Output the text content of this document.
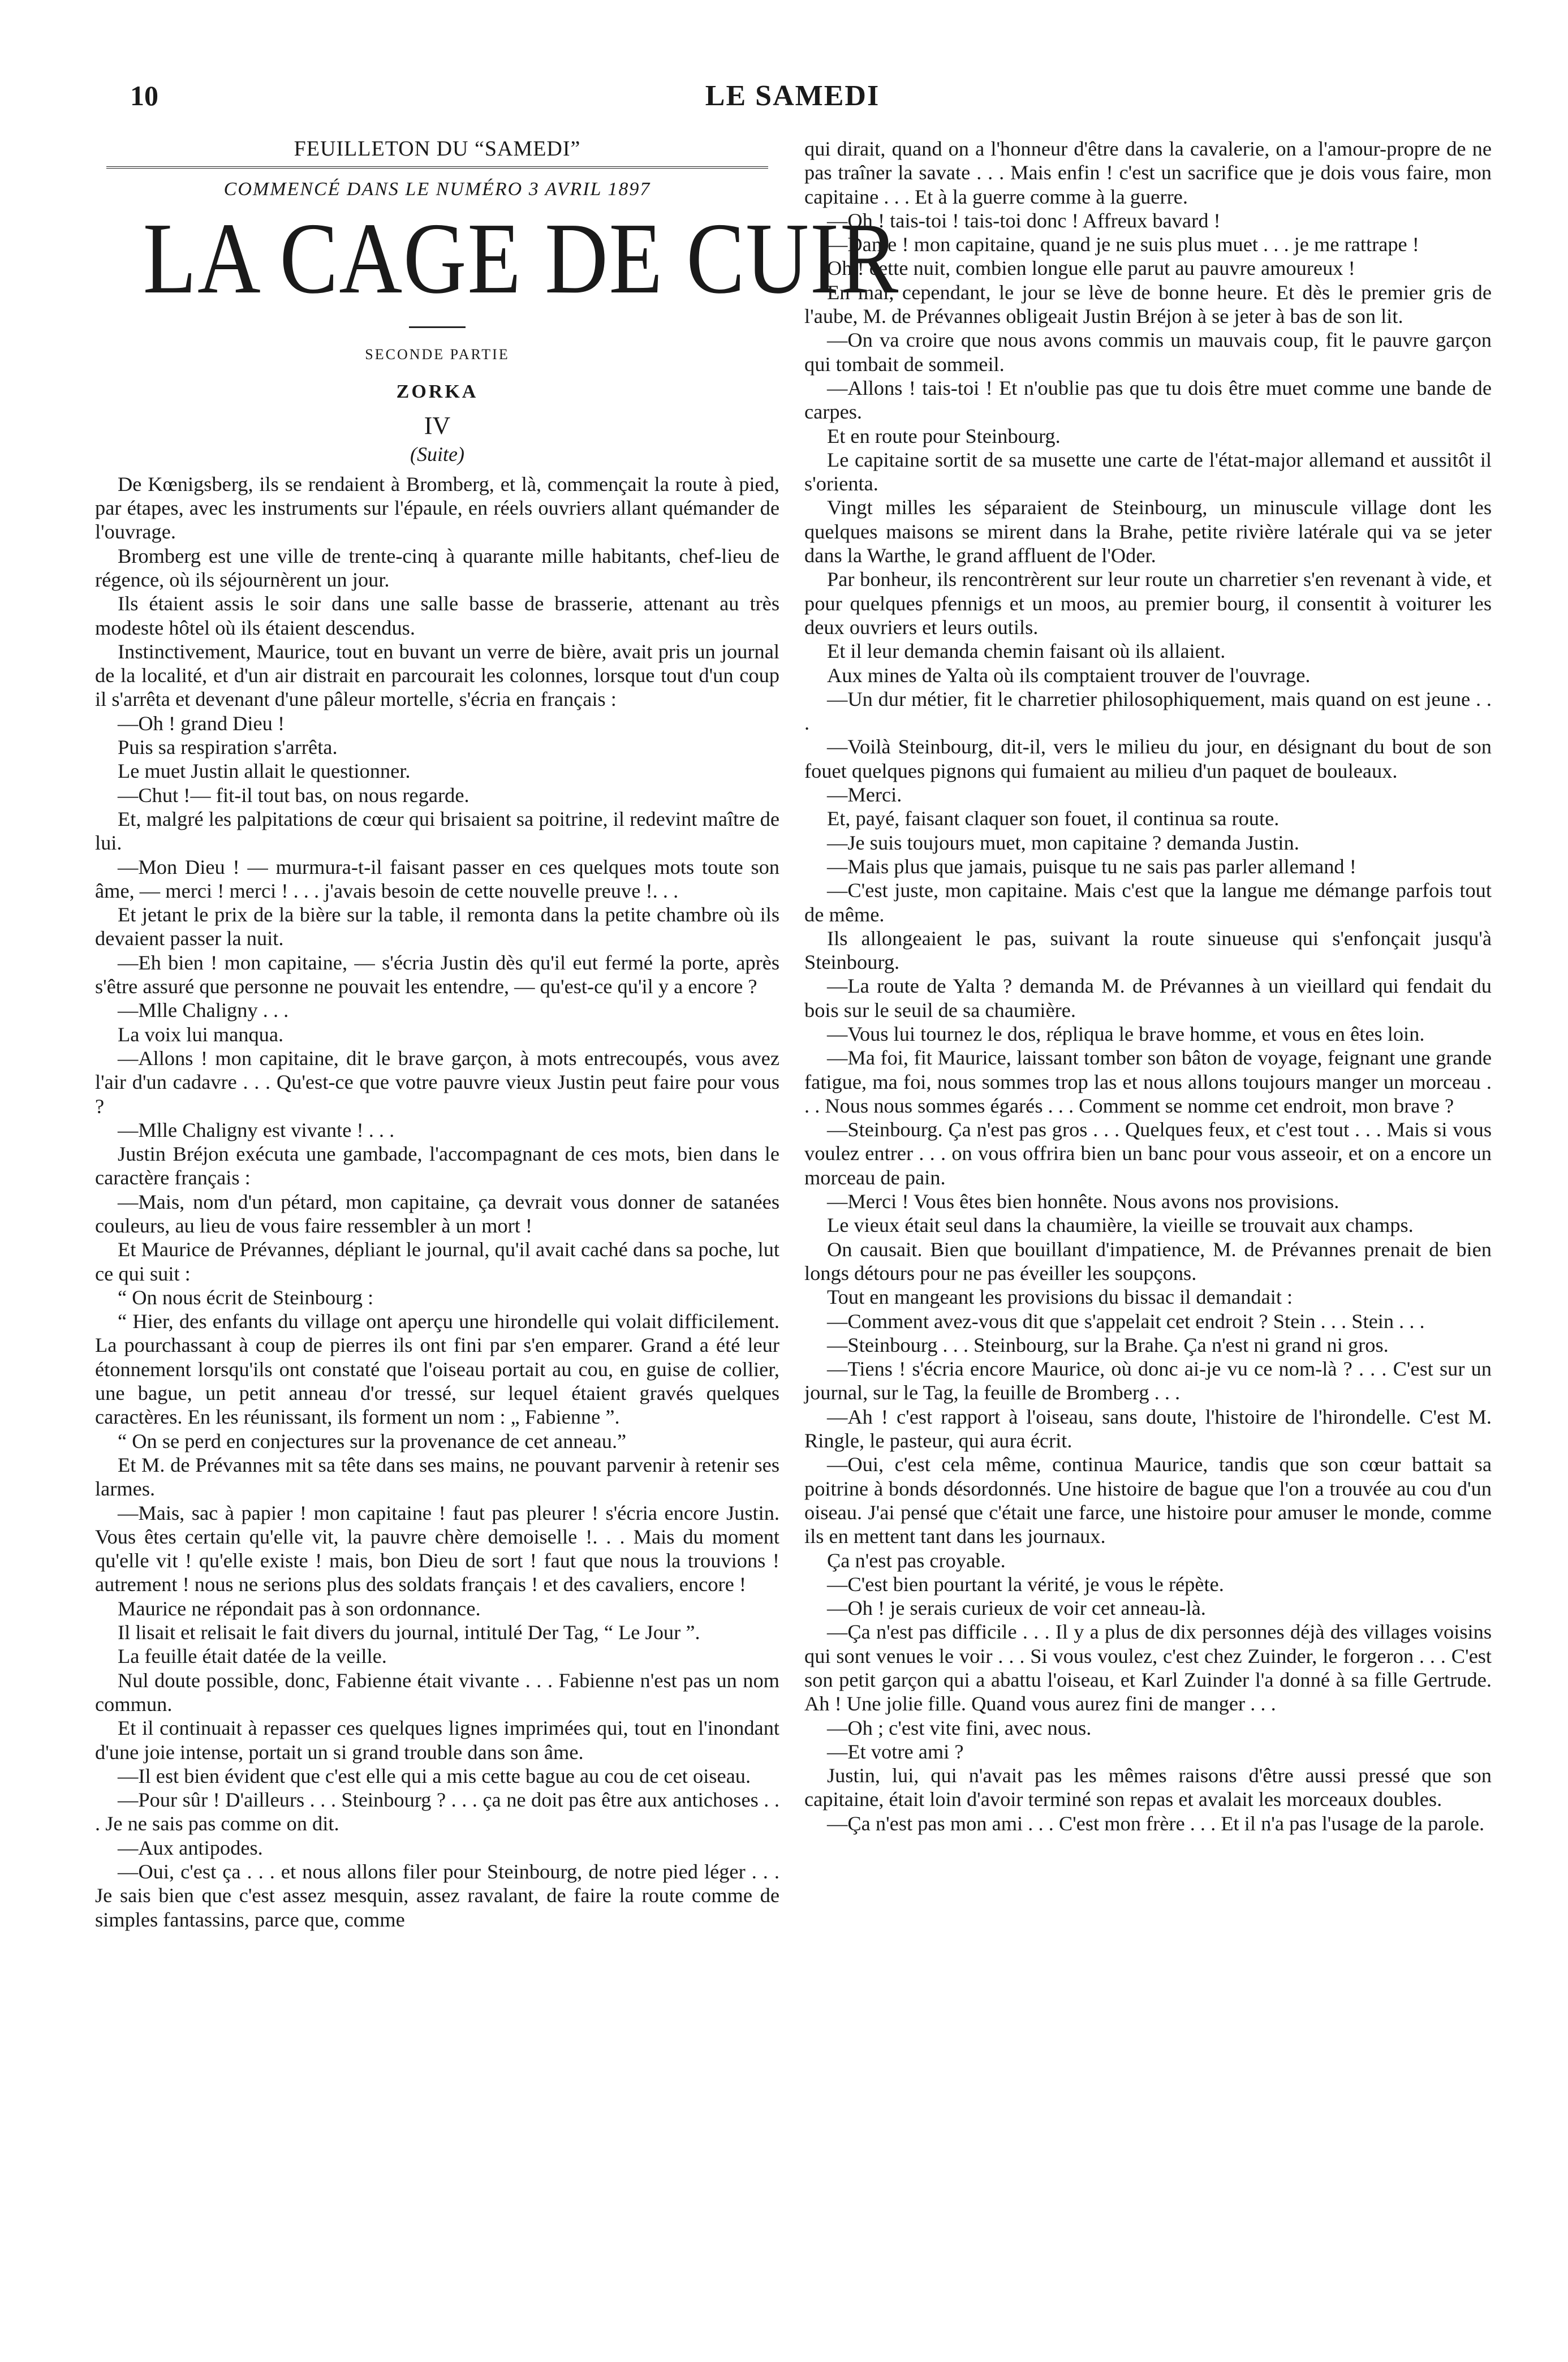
10	LE SAMEDI
FEUILLETON DU “SAMEDI”
COMMENCÉ DANS LE NUMÉRO 3 AVRIL 1897
LA CAGE DE CUIR
SECONDE PARTIE
ZORKA
IV
(Suite)

De Kœnigsberg, ils se rendaient à Bromberg, et là, commençait la route à pied, par étapes, avec les instruments sur l'épaule, en réels ouvriers allant quémander de l'ouvrage.

Bromberg est une ville de trente-cinq à quarante mille habitants, chef-lieu de régence, où ils séjournèrent un jour.

Ils étaient assis le soir dans une salle basse de brasserie, attenant au très modeste hôtel où ils étaient descendus.

Instinctivement, Maurice, tout en buvant un verre de bière, avait pris un journal de la localité, et d'un air distrait en parcourait les colonnes, lorsque tout d'un coup il s'arrêta et devenant d'une pâleur mortelle, s'écria en français :

—Oh ! grand Dieu !

Puis sa respiration s'arrêta.

Le muet Justin allait le questionner.

—Chut !— fit-il tout bas, on nous regarde.

Et, malgré les palpitations de cœur qui brisaient sa poitrine, il redevint maître de lui.

—Mon Dieu ! — murmura-t-il faisant passer en ces quelques mots toute son âme, — merci ! merci ! . . . j'avais besoin de cette nouvelle preuve !. . .

Et jetant le prix de la bière sur la table, il remonta dans la petite chambre où ils devaient passer la nuit.

—Eh bien ! mon capitaine, — s'écria Justin dès qu'il eut fermé la porte, après s'être assuré que personne ne pouvait les entendre, — qu'est-ce qu'il y a encore ?

—Mlle Chaligny . . .

La voix lui manqua.

—Allons ! mon capitaine, dit le brave garçon, à mots entrecoupés, vous avez l'air d'un cadavre . . . Qu'est-ce que votre pauvre vieux Justin peut faire pour vous ?

—Mlle Chaligny est vivante ! . . .

Justin Bréjon exécuta une gambade, l'accompagnant de ces mots, bien dans le caractère français :

—Mais, nom d'un pétard, mon capitaine, ça devrait vous donner de satanées couleurs, au lieu de vous faire ressembler à un mort !

Et Maurice de Prévannes, dépliant le journal, qu'il avait caché dans sa poche, lut ce qui suit :

“ On nous écrit de Steinbourg :

“ Hier, des enfants du village ont aperçu une hirondelle qui volait difficilement. La pourchassant à coup de pierres ils ont fini par s'en emparer. Grand a été leur étonnement lorsqu'ils ont constaté que l'oiseau portait au cou, en guise de collier, une bague, un petit anneau d'or tressé, sur lequel étaient gravés quelques caractères. En les réunissant, ils forment un nom : „ Fabienne ”.

“ On se perd en conjectures sur la provenance de cet anneau.”

Et M. de Prévannes mit sa tête dans ses mains, ne pouvant parvenir à retenir ses larmes.

—Mais, sac à papier ! mon capitaine ! faut pas pleurer ! s'écria encore Justin. Vous êtes certain qu'elle vit, la pauvre chère demoiselle !. . . Mais du moment qu'elle vit ! qu'elle existe ! mais, bon Dieu de sort ! faut que nous la trouvions ! autrement ! nous ne serions plus des soldats français ! et des cavaliers, encore !

Maurice ne répondait pas à son ordonnance.

Il lisait et relisait le fait divers du journal, intitulé Der Tag, “ Le Jour ”.

La feuille était datée de la veille.

Nul doute possible, donc, Fabienne était vivante . . . Fabienne n'est pas un nom commun.

Et il continuait à repasser ces quelques lignes imprimées qui, tout en l'inondant d'une joie intense, portait un si grand trouble dans son âme.

—Il est bien évident que c'est elle qui a mis cette bague au cou de cet oiseau.

—Pour sûr ! D'ailleurs . . . Steinbourg ? . . . ça ne doit pas être aux antichoses . . . Je ne sais pas comme on dit.

—Aux antipodes.

—Oui, c'est ça . . . et nous allons filer pour Steinbourg, de notre pied léger . . . Je sais bien que c'est assez mesquin, assez ravalant, de faire la route comme de simples fantassins, parce que, comme

qui dirait, quand on a l'honneur d'être dans la cavalerie, on a l'amour-propre de ne pas traîner la savate . . . Mais enfin ! c'est un sacrifice que je dois vous faire, mon capitaine . . . Et à la guerre comme à la guerre.

—Oh ! tais-toi ! tais-toi donc ! Affreux bavard !

—Dame ! mon capitaine, quand je ne suis plus muet . . . je me rattrape !

Oh ! cette nuit, combien longue elle parut au pauvre amoureux !

En mai, cependant, le jour se lève de bonne heure. Et dès le premier gris de l'aube, M. de Prévannes obligeait Justin Bréjon à se jeter à bas de son lit.

—On va croire que nous avons commis un mauvais coup, fit le pauvre garçon qui tombait de sommeil.

—Allons ! tais-toi ! Et n'oublie pas que tu dois être muet comme une bande de carpes.

Et en route pour Steinbourg.

Le capitaine sortit de sa musette une carte de l'état-major allemand et aussitôt il s'orienta.

Vingt milles les séparaient de Steinbourg, un minuscule village dont les quelques maisons se mirent dans la Brahe, petite rivière latérale qui va se jeter dans la Warthe, le grand affluent de l'Oder.

Par bonheur, ils rencontrèrent sur leur route un charretier s'en revenant à vide, et pour quelques pfennigs et un moos, au premier bourg, il consentit à voiturer les deux ouvriers et leurs outils.

Et il leur demanda chemin faisant où ils allaient.

Aux mines de Yalta où ils comptaient trouver de l'ouvrage.

—Un dur métier, fit le charretier philosophiquement, mais quand on est jeune . . .

—Voilà Steinbourg, dit-il, vers le milieu du jour, en désignant du bout de son fouet quelques pignons qui fumaient au milieu d'un paquet de bouleaux.

—Merci.

Et, payé, faisant claquer son fouet, il continua sa route.

—Je suis toujours muet, mon capitaine ? demanda Justin.

—Mais plus que jamais, puisque tu ne sais pas parler allemand !

—C'est juste, mon capitaine. Mais c'est que la langue me démange parfois tout de même.

Ils allongeaient le pas, suivant la route sinueuse qui s'enfonçait jusqu'à Steinbourg.

—La route de Yalta ? demanda M. de Prévannes à un vieillard qui fendait du bois sur le seuil de sa chaumière.

—Vous lui tournez le dos, répliqua le brave homme, et vous en êtes loin.

—Ma foi, fit Maurice, laissant tomber son bâton de voyage, feignant une grande fatigue, ma foi, nous sommes trop las et nous allons toujours manger un morceau . . . Nous nous sommes égarés . . . Comment se nomme cet endroit, mon brave ?

—Steinbourg. Ça n'est pas gros . . . Quelques feux, et c'est tout . . . Mais si vous voulez entrer . . . on vous offrira bien un banc pour vous asseoir, et on a encore un morceau de pain.

—Merci ! Vous êtes bien honnête. Nous avons nos provisions.

Le vieux était seul dans la chaumière, la vieille se trouvait aux champs.

On causait. Bien que bouillant d'impatience, M. de Prévannes prenait de bien longs détours pour ne pas éveiller les soupçons.

Tout en mangeant les provisions du bissac il demandait :

—Comment avez-vous dit que s'appelait cet endroit ? Stein . . . Stein . . .

—Steinbourg . . . Steinbourg, sur la Brahe. Ça n'est ni grand ni gros.

—Tiens ! s'écria encore Maurice, où donc ai-je vu ce nom-là ? . . . C'est sur un journal, sur le Tag, la feuille de Bromberg . . .

—Ah ! c'est rapport à l'oiseau, sans doute, l'histoire de l'hirondelle. C'est M. Ringle, le pasteur, qui aura écrit.

—Oui, c'est cela même, continua Maurice, tandis que son cœur battait sa poitrine à bonds désordonnés. Une histoire de bague que l'on a trouvée au cou d'un oiseau. J'ai pensé que c'était une farce, une histoire pour amuser le monde, comme ils en mettent tant dans les journaux.

Ça n'est pas croyable.

—C'est bien pourtant la vérité, je vous le répète.

—Oh ! je serais curieux de voir cet anneau-là.

—Ça n'est pas difficile . . . Il y a plus de dix personnes déjà des villages voisins qui sont venues le voir . . . Si vous voulez, c'est chez Zuinder, le forgeron . . . C'est son petit garçon qui a abattu l'oiseau, et Karl Zuinder l'a donné à sa fille Gertrude. Ah ! Une jolie fille. Quand vous aurez fini de manger . . .

—Oh ; c'est vite fini, avec nous.

—Et votre ami ?

Justin, lui, qui n'avait pas les mêmes raisons d'être aussi pressé que son capitaine, était loin d'avoir terminé son repas et avalait les morceaux doubles.

—Ça n'est pas mon ami . . . C'est mon frère . . . Et il n'a pas l'usage de la parole.
